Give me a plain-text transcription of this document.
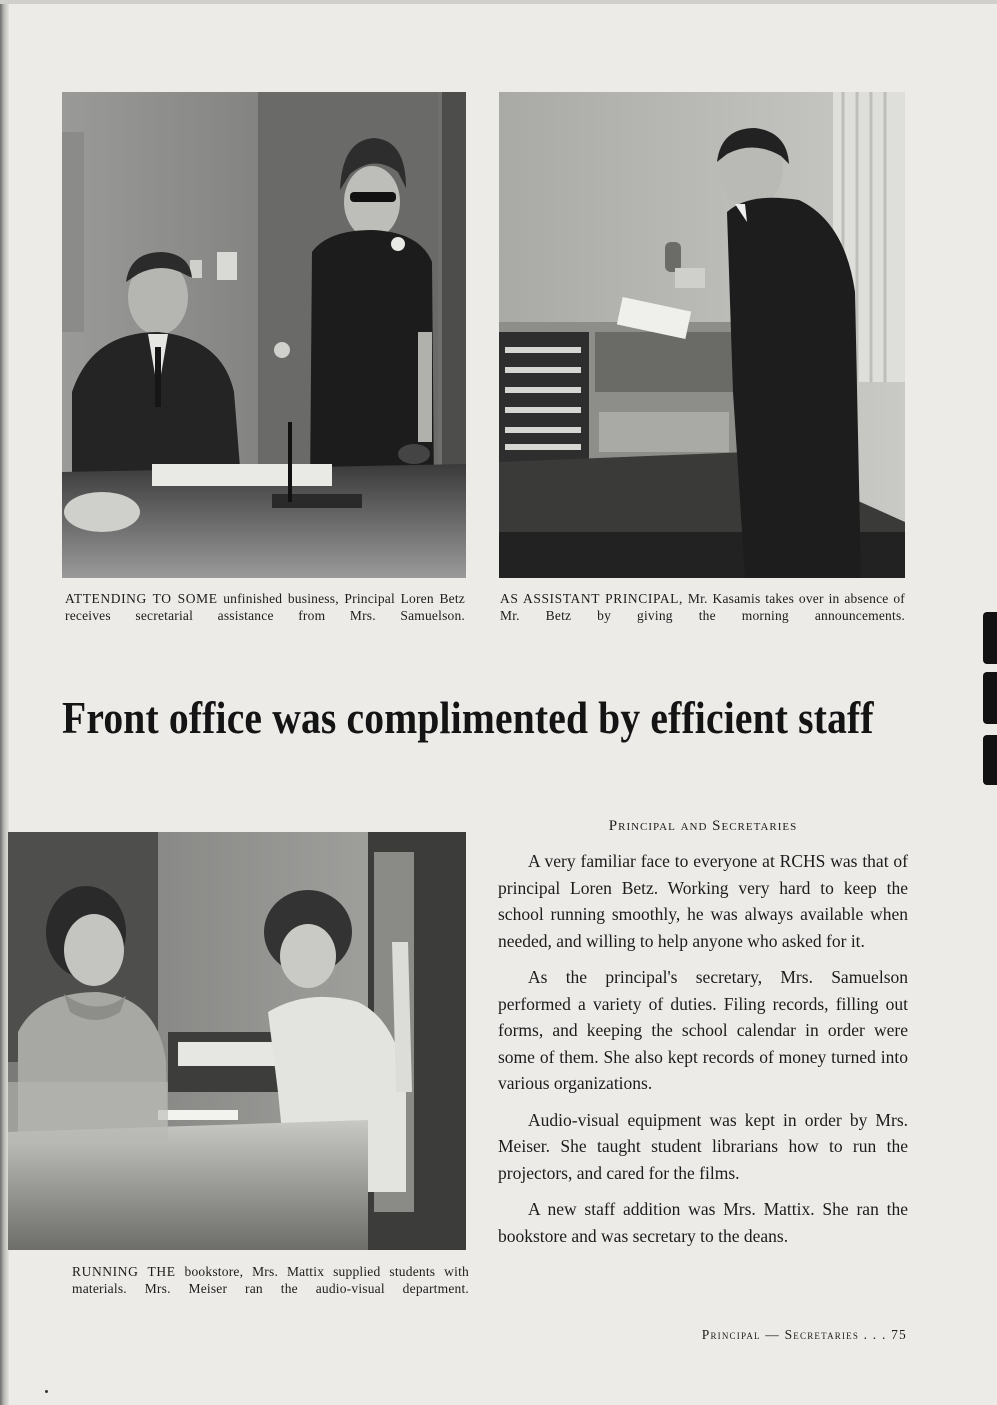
ATTENDING TO SOME unfinished business, Principal Loren Betz receives secretarial assistance from Mrs. Samuelson.
AS ASSISTANT PRINCIPAL, Mr. Kasamis takes over in absence of Mr. Betz by giving the morning announcements.
Front office was complimented by efficient staff
RUNNING THE bookstore, Mrs. Mattix supplied students with materials. Mrs. Meiser ran the audio-visual department.
Principal and Secretaries

A very familiar face to everyone at RCHS was that of principal Loren Betz. Working very hard to keep the school running smoothly, he was always available when needed, and willing to help anyone who asked for it.

As the principal's secretary, Mrs. Samuelson performed a variety of duties. Filing records, filling out forms, and keeping the school calendar in order were some of them. She also kept records of money turned into various organizations.

Audio-visual equipment was kept in order by Mrs. Meiser. She taught student librarians how to run the projectors, and cared for the films.

A new staff addition was Mrs. Mattix. She ran the bookstore and was secretary to the deans.

Principal — Secretaries . . . 75
